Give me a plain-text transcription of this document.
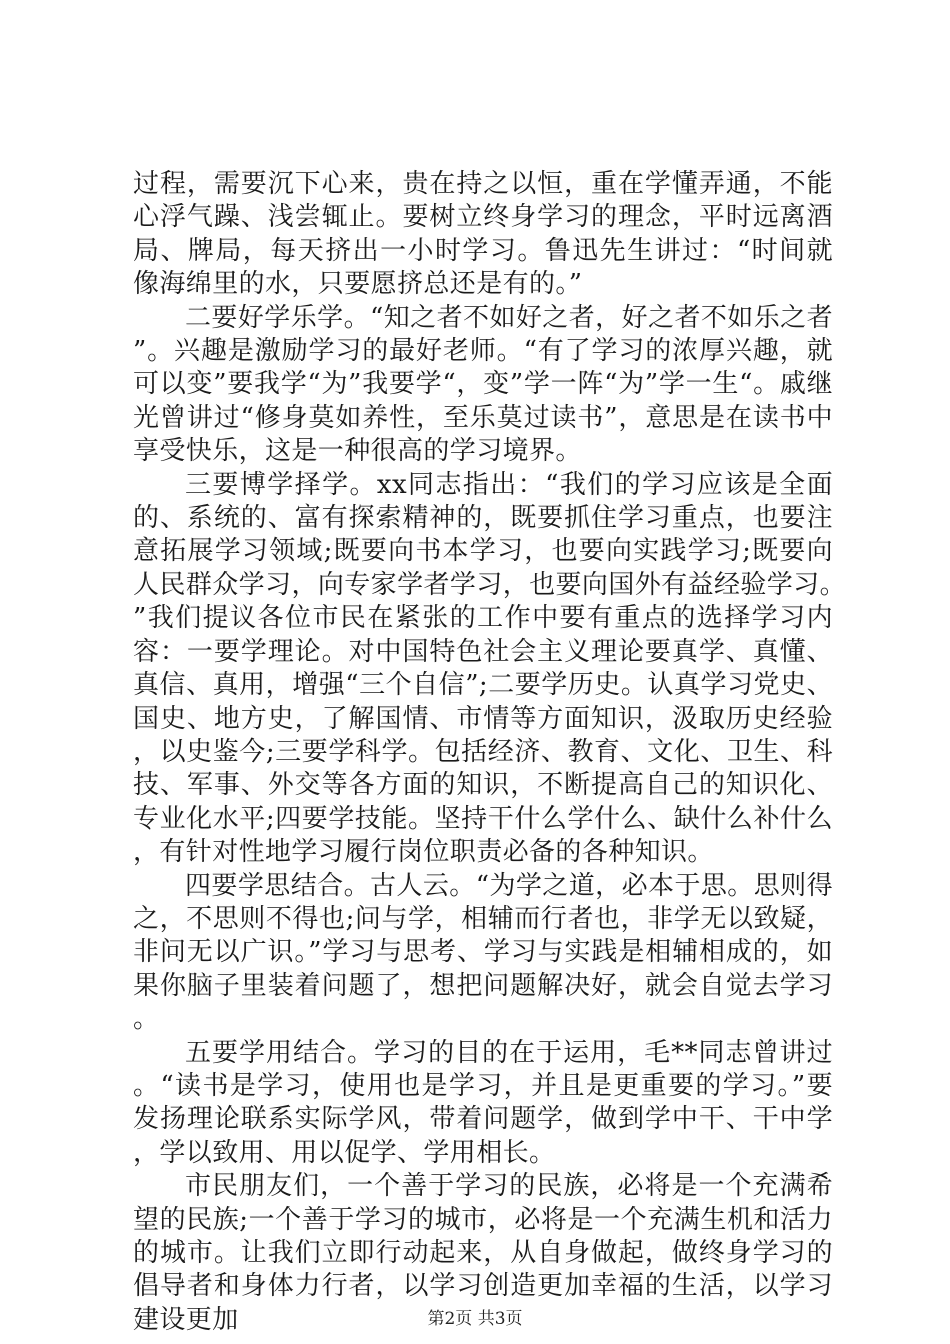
过程，需要沉下心来，贵在持之以恒，重在学懂弄通，不能心浮气躁、浅尝辄止。要树立终身学习的理念，平时远离酒局、牌局，每天挤出一小时学习。鲁迅先生讲过：“时间就像海绵里的水，只要愿挤总还是有的。”

二要好学乐学。“知之者不如好之者，好之者不如乐之者”。兴趣是激励学习的最好老师。“有了学习的浓厚兴趣，就可以变”要我学“为”我要学“，变”学一阵“为”学一生“。戚继光曾讲过“修身莫如养性，至乐莫过读书”，意思是在读书中享受快乐，这是一种很高的学习境界。

三要博学择学。xx同志指出：“我们的学习应该是全面的、系统的、富有探索精神的，既要抓住学习重点，也要注意拓展学习领域;既要向书本学习，也要向实践学习;既要向人民群众学习，向专家学者学习，也要向国外有益经验学习。”我们提议各位市民在紧张的工作中要有重点的选择学习内容：一要学理论。对中国特色社会主义理论要真学、真懂、真信、真用，增强“三个自信”;二要学历史。认真学习党史、国史、地方史，了解国情、市情等方面知识，汲取历史经验，以史鉴今;三要学科学。包括经济、教育、文化、卫生、科技、军事、外交等各方面的知识，不断提高自己的知识化、专业化水平;四要学技能。坚持干什么学什么、缺什么补什么，有针对性地学习履行岗位职责必备的各种知识。

四要学思结合。古人云。“为学之道，必本于思。思则得之，不思则不得也;问与学，相辅而行者也，非学无以致疑，非问无以广识。”学习与思考、学习与实践是相辅相成的，如果你脑子里装着问题了，想把问题解决好，就会自觉去学习。

五要学用结合。学习的目的在于运用，毛**同志曾讲过。“读书是学习，使用也是学习，并且是更重要的学习。”要发扬理论联系实际学风，带着问题学，做到学中干、干中学，学以致用、用以促学、学用相长。

市民朋友们，一个善于学习的民族，必将是一个充满希望的民族;一个善于学习的城市，必将是一个充满生机和活力的城市。让我们立即行动起来，从自身做起，做终身学习的倡导者和身体力行者，以学习创造更加幸福的生活，以学习建设更加	第2页 共3页
